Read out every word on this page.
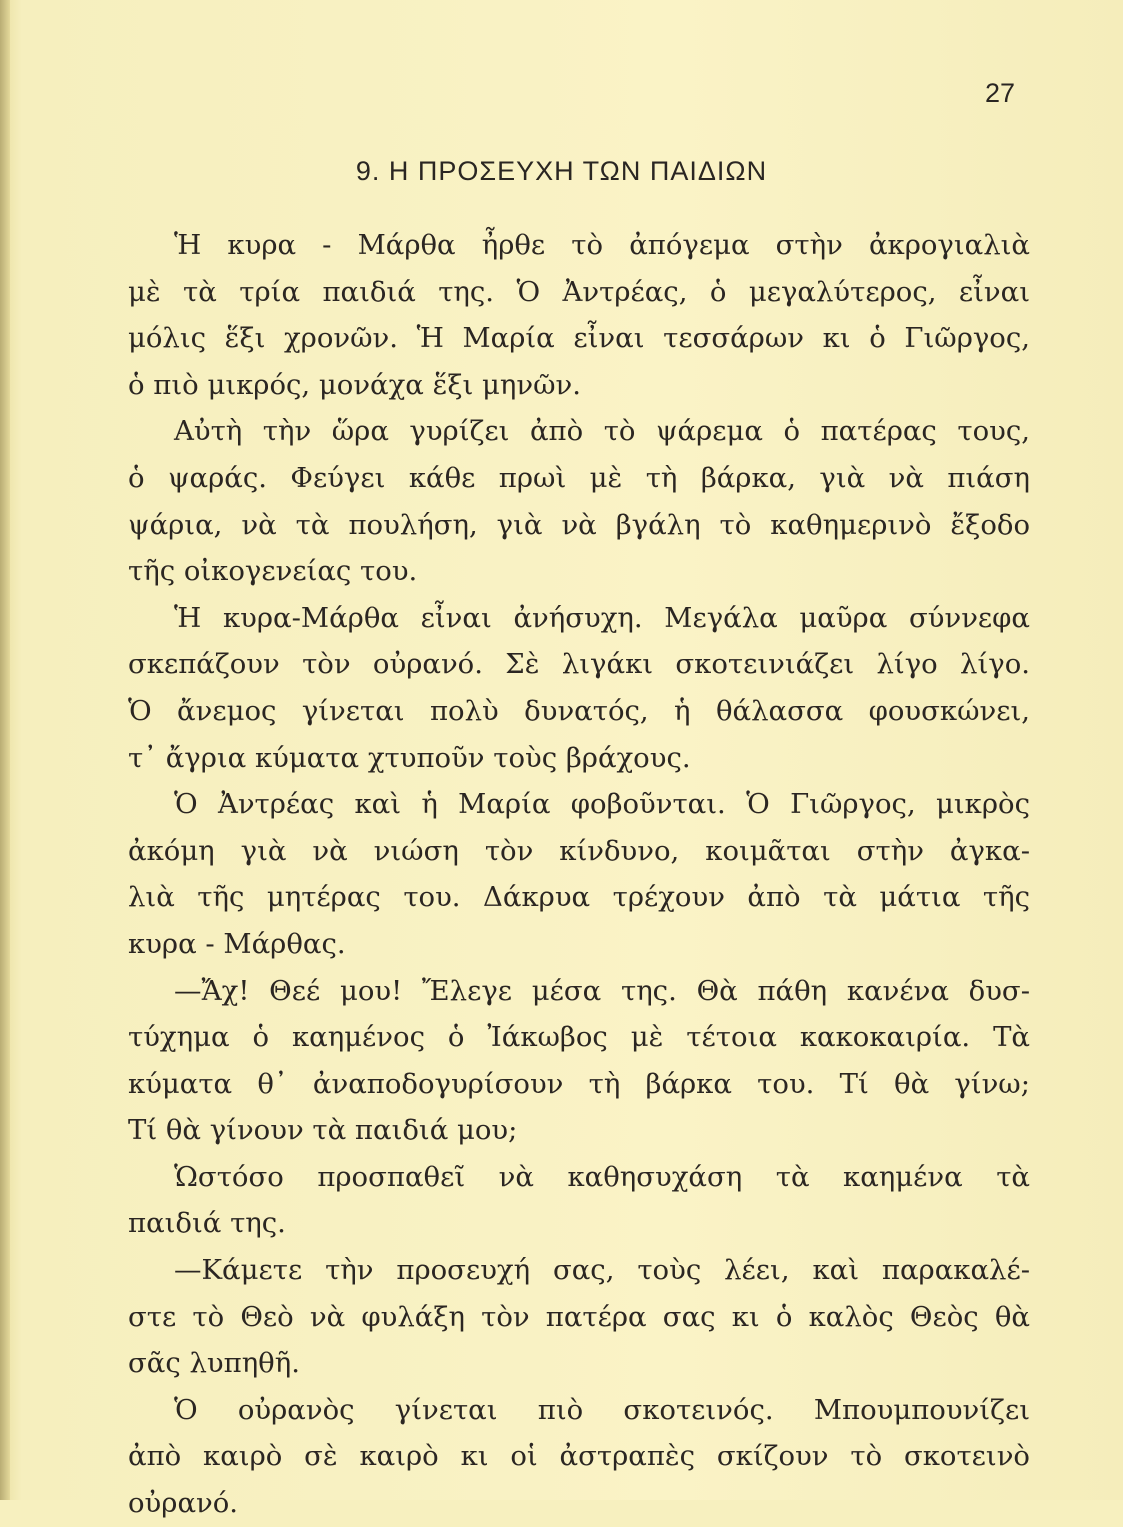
27
9. Η ΠΡΟΣΕΥΧΗ ΤΩΝ ΠΑΙΔΙΩΝ
Ἡ κυρα - Μάρθα ἦρθε τὸ ἀπόγεμα στὴν ἀκρογιαλιὰ
μὲ τὰ τρία παιδιά της. Ὁ Ἀντρέας, ὁ μεγαλύτερος, εἶναι
μόλις ἕξι χρονῶν. Ἡ Μαρία εἶναι τεσσάρων κι ὁ Γιῶργος,
ὁ πιὸ μικρός, μονάχα ἕξι μηνῶν.
Αὐτὴ τὴν ὥρα γυρίζει ἀπὸ τὸ ψάρεμα ὁ πατέρας τους,
ὁ ψαράς. Φεύγει κάθε πρωὶ μὲ τὴ βάρκα, γιὰ νὰ πιάση
ψάρια, νὰ τὰ πουλήση, γιὰ νὰ βγάλη τὸ καθημερινὸ ἔξοδο
τῆς οἰκογενείας του.
Ἡ κυρα-Μάρθα εἶναι ἀνήσυχη. Μεγάλα μαῦρα σύννεφα
σκεπάζουν τὸν οὐρανό. Σὲ λιγάκι σκοτεινιάζει λίγο λίγο.
Ὁ ἄνεμος γίνεται πολὺ δυνατός, ἡ θάλασσα φουσκώνει,
τ᾽ ἄγρια κύματα χτυποῦν τοὺς βράχους.
Ὁ Ἀντρέας καὶ ἡ Μαρία φοβοῦνται. Ὁ Γιῶργος, μικρὸς
ἀκόμη γιὰ νὰ νιώση τὸν κίνδυνο, κοιμᾶται στὴν ἀγκα-
λιὰ τῆς μητέρας του. Δάκρυα τρέχουν ἀπὸ τὰ μάτια τῆς
κυρα - Μάρθας.
—Ἄχ! Θεέ μου! Ἔλεγε μέσα της. Θὰ πάθη κανένα δυσ-
τύχημα ὁ καημένος ὁ Ἰάκωβος μὲ τέτοια κακοκαιρία. Τὰ
κύματα θ᾽ ἀναποδογυρίσουν τὴ βάρκα του. Τί θὰ γίνω;
Τί θὰ γίνουν τὰ παιδιά μου;
Ὡστόσο προσπαθεῖ νὰ καθησυχάση τὰ καημένα τὰ
παιδιά της.
—Κάμετε τὴν προσευχή σας, τοὺς λέει, καὶ παρακαλέ-
στε τὸ Θεὸ νὰ φυλάξη τὸν πατέρα σας κι ὁ καλὸς Θεὸς θὰ
σᾶς λυπηθῆ.
Ὁ οὐρανὸς γίνεται πιὸ σκοτεινός. Μπουμπουνίζει
ἀπὸ καιρὸ σὲ καιρὸ κι οἱ ἀστραπὲς σκίζουν τὸ σκοτεινὸ
οὐρανό.
